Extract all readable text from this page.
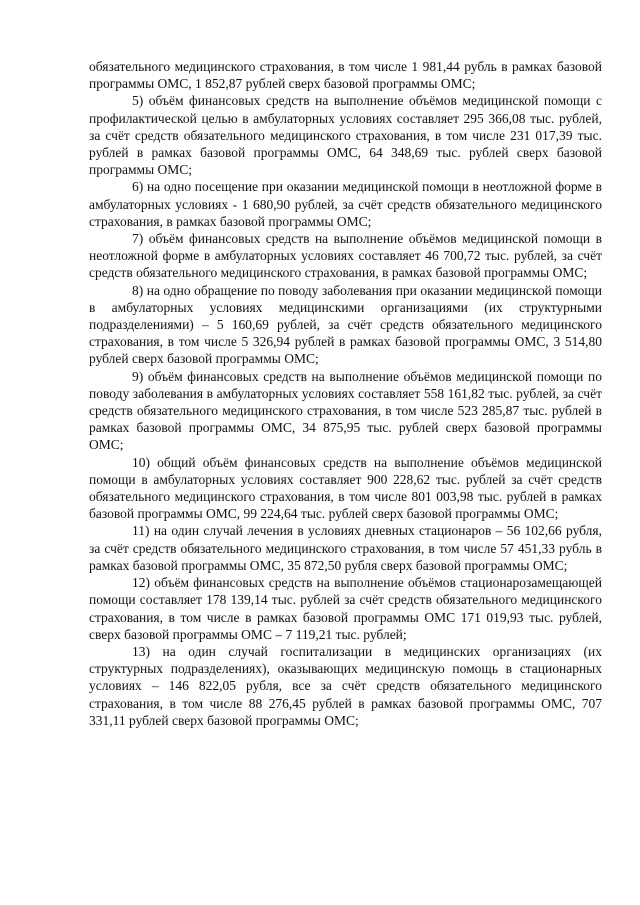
обязательного медицинского страхования, в том числе 1 981,44 рубль в рамках базовой программы ОМС, 1 852,87 рублей сверх базовой программы ОМС;

5) объём финансовых средств на выполнение объёмов медицинской помощи с профилактической целью в амбулаторных условиях составляет 295 366,08 тыс. рублей, за счёт средств обязательного медицинского страхования, в том числе 231 017,39 тыс. рублей в рамках базовой программы ОМС, 64 348,69 тыс. рублей сверх базовой программы ОМС;

6) на одно посещение при оказании медицинской помощи в неотложной форме в амбулаторных условиях - 1 680,90 рублей, за счёт средств обязательного медицинского страхования, в рамках базовой программы ОМС;

7) объём финансовых средств на выполнение объёмов медицинской помощи в неотложной форме в амбулаторных условиях составляет 46 700,72 тыс. рублей, за счёт средств обязательного медицинского страхования, в рамках базовой программы ОМС;

8) на одно обращение по поводу заболевания при оказании медицинской помощи в амбулаторных условиях медицинскими организациями (их структурными подразделениями) – 5 160,69 рублей, за счёт средств обязательного медицинского страхования, в том числе 5 326,94 рублей в рамках базовой программы ОМС, 3 514,80 рублей сверх базовой программы ОМС;

9) объём финансовых средств на выполнение объёмов медицинской помощи по поводу заболевания в амбулаторных условиях составляет 558 161,82 тыс. рублей, за счёт средств обязательного медицинского страхования, в том числе 523 285,87 тыс. рублей в рамках базовой программы ОМС, 34 875,95 тыс. рублей сверх базовой программы ОМС;

10) общий объём финансовых средств на выполнение объёмов медицинской помощи в амбулаторных условиях составляет 900 228,62 тыс. рублей за счёт средств обязательного медицинского страхования, в том числе 801 003,98 тыс. рублей в рамках базовой программы ОМС, 99 224,64 тыс. рублей сверх базовой программы ОМС;

11) на один случай лечения в условиях дневных стационаров – 56 102,66 рубля, за счёт средств обязательного медицинского страхования, в том числе 57 451,33 рубль в рамках базовой программы ОМС, 35 872,50 рубля сверх базовой программы ОМС;

12) объём финансовых средств на выполнение объёмов стационарозамещающей помощи составляет 178 139,14 тыс. рублей за счёт средств обязательного медицинского страхования, в том числе в рамках базовой программы ОМС 171 019,93 тыс. рублей, сверх базовой программы ОМС – 7 119,21 тыс. рублей;

13) на один случай госпитализации в медицинских организациях (их структурных подразделениях), оказывающих медицинскую помощь в стационарных условиях – 146 822,05 рубля, все за счёт средств обязательного медицинского страхования, в том числе 88 276,45 рублей в рамках базовой программы ОМС, 707 331,11 рублей сверх базовой программы ОМС;
